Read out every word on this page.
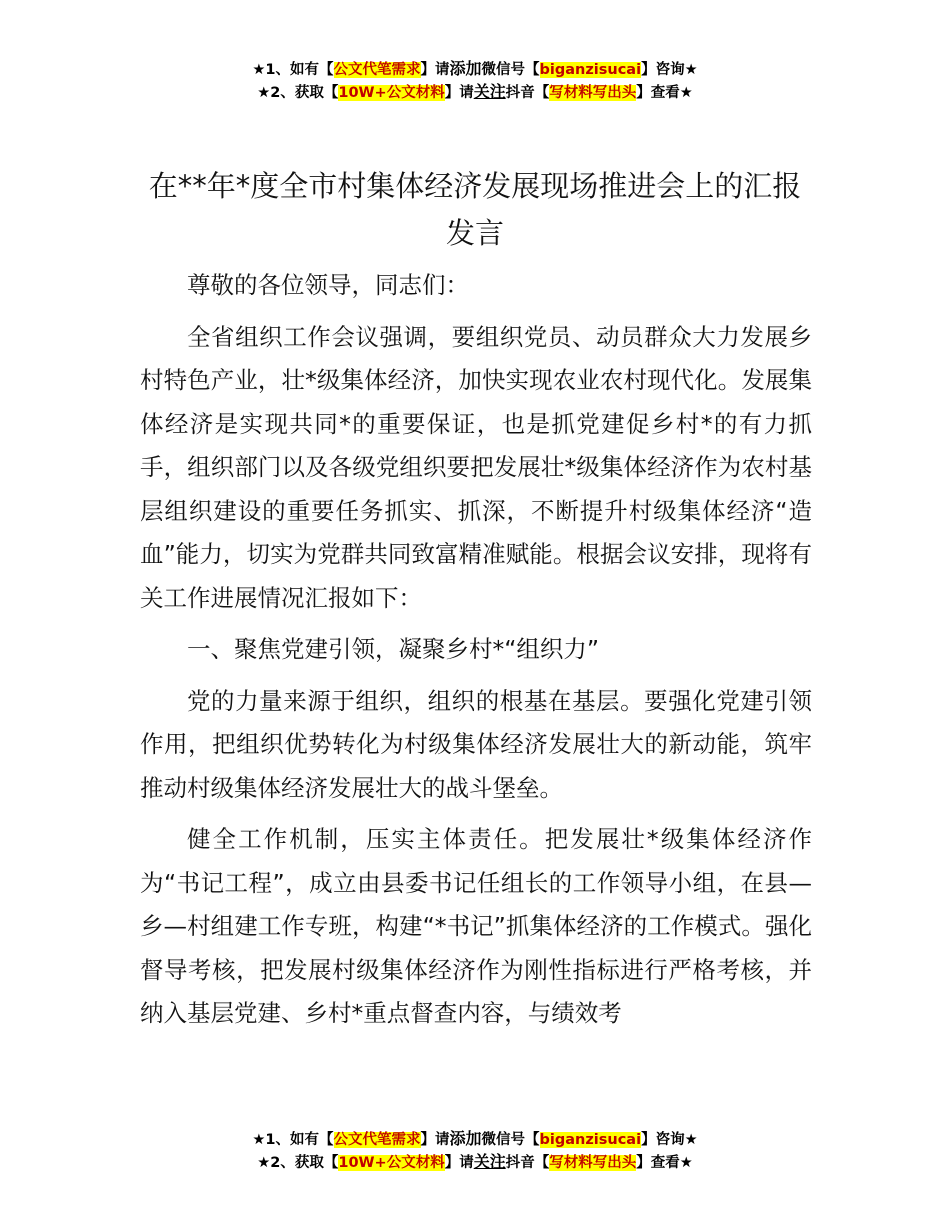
★1、如有【公文代笔需求】请添加微信号【biganzisucai】咨询★
★2、获取【10W+公文材料】请关注抖音【写材料写出头】查看★
在**年*度全市村集体经济发展现场推进会上的汇报发言

尊敬的各位领导，同志们：

全省组织工作会议强调，要组织党员、动员群众大力发展乡村特色产业，壮*级集体经济，加快实现农业农村现代化。发展集体经济是实现共同*的重要保证，也是抓党建促乡村*的有力抓手，组织部门以及各级党组织要把发展壮*级集体经济作为农村基层组织建设的重要任务抓实、抓深，不断提升村级集体经济“造血”能力，切实为党群共同致富精准赋能。根据会议安排，现将有关工作进展情况汇报如下：

一、聚焦党建引领，凝聚乡村*“组织力”

党的力量来源于组织，组织的根基在基层。要强化党建引领作用，把组织优势转化为村级集体经济发展壮大的新动能，筑牢推动村级集体经济发展壮大的战斗堡垒。

健全工作机制，压实主体责任。把发展壮*级集体经济作为“书记工程”，成立由县委书记任组长的工作领导小组，在县—乡—村组建工作专班，构建“*书记”抓集体经济的工作模式。强化督导考核，把发展村级集体经济作为刚性指标进行严格考核，并纳入基层党建、乡村*重点督查内容，与绩效考

★1、如有【公文代笔需求】请添加微信号【biganzisucai】咨询★
★2、获取【10W+公文材料】请关注抖音【写材料写出头】查看★
